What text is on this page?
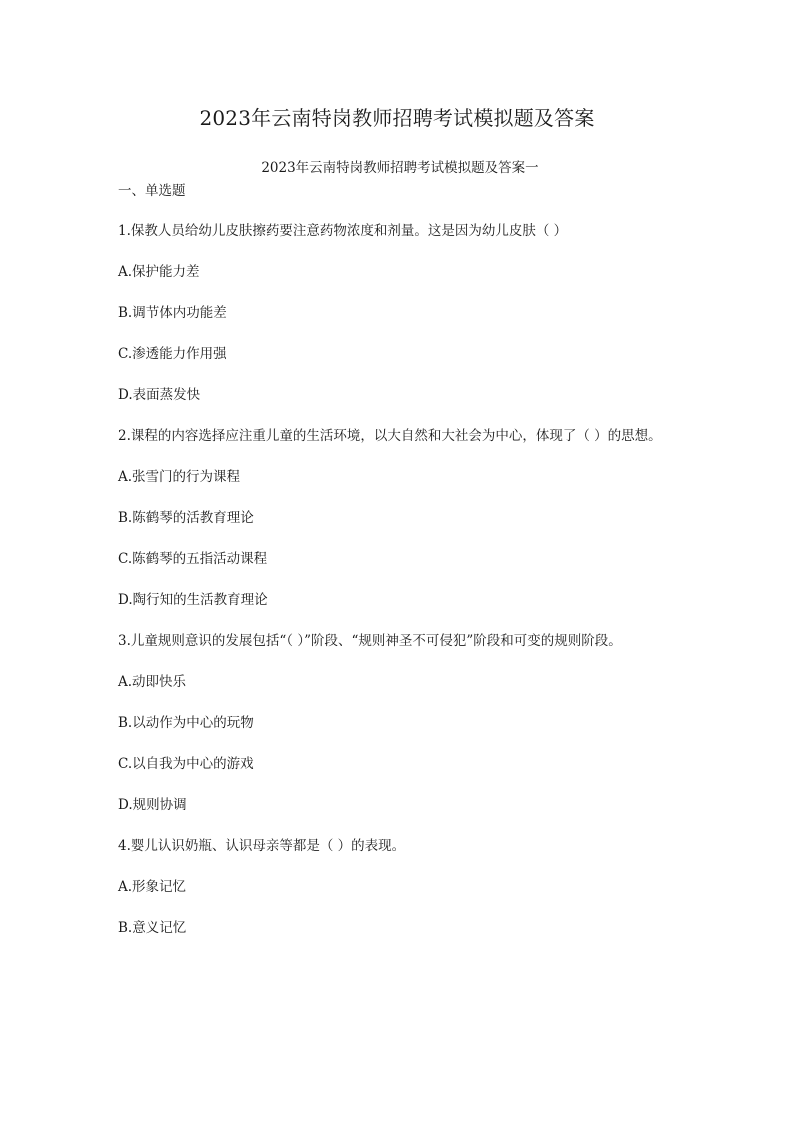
2023年云南特岗教师招聘考试模拟题及答案
2023年云南特岗教师招聘考试模拟题及答案一
一、单选题

1.保教人员给幼儿皮肤擦药要注意药物浓度和剂量。这是因为幼儿皮肤（ ）

A.保护能力差

B.调节体内功能差

C.渗透能力作用强

D.表面蒸发快

2.课程的内容选择应注重儿童的生活环境，以大自然和大社会为中心，体现了（ ）的思想。

A.张雪门的行为课程

B.陈鹤琴的活教育理论

C.陈鹤琴的五指活动课程

D.陶行知的生活教育理论

3.儿童规则意识的发展包括“（ ）”阶段、“规则神圣不可侵犯”阶段和可变的规则阶段。

A.动即快乐

B.以动作为中心的玩物

C.以自我为中心的游戏

D.规则协调

4.婴儿认识奶瓶、认识母亲等都是（ ）的表现。

A.形象记忆

B.意义记忆
